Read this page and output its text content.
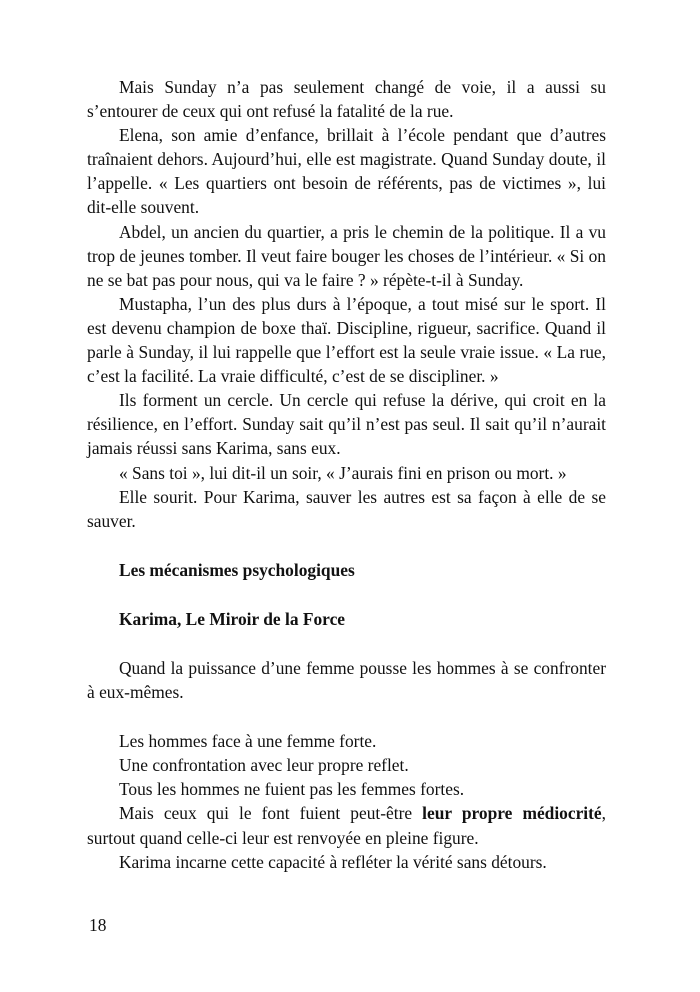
Mais Sunday n’a pas seulement changé de voie, il a aussi su s’entourer de ceux qui ont refusé la fatalité de la rue.

Elena, son amie d’enfance, brillait à l’école pendant que d’autres traînaient dehors. Aujourd’hui, elle est magistrate. Quand Sunday doute, il l’appelle. « Les quartiers ont besoin de référents, pas de victimes », lui dit-elle souvent.

Abdel, un ancien du quartier, a pris le chemin de la politique. Il a vu trop de jeunes tomber. Il veut faire bouger les choses de l’intérieur. « Si on ne se bat pas pour nous, qui va le faire ? » répète-t-il à Sunday.

Mustapha, l’un des plus durs à l’époque, a tout misé sur le sport. Il est devenu champion de boxe thaï. Discipline, rigueur, sacrifice. Quand il parle à Sunday, il lui rappelle que l’effort est la seule vraie issue. « La rue, c’est la facilité. La vraie difficulté, c’est de se discipliner. »

Ils forment un cercle. Un cercle qui refuse la dérive, qui croit en la résilience, en l’effort. Sunday sait qu’il n’est pas seul. Il sait qu’il n’aurait jamais réussi sans Karima, sans eux.

« Sans toi », lui dit-il un soir, « J’aurais fini en prison ou mort. »

Elle sourit. Pour Karima, sauver les autres est sa façon à elle de se sauver.

Les mécanismes psychologiques

Karima, Le Miroir de la Force

Quand la puissance d’une femme pousse les hommes à se confronter à eux-mêmes.

Les hommes face à une femme forte.

Une confrontation avec leur propre reflet.

Tous les hommes ne fuient pas les femmes fortes.

Mais ceux qui le font fuient peut-être leur propre médiocrité, surtout quand celle-ci leur est renvoyée en pleine figure.

Karima incarne cette capacité à refléter la vérité sans détours.

18
